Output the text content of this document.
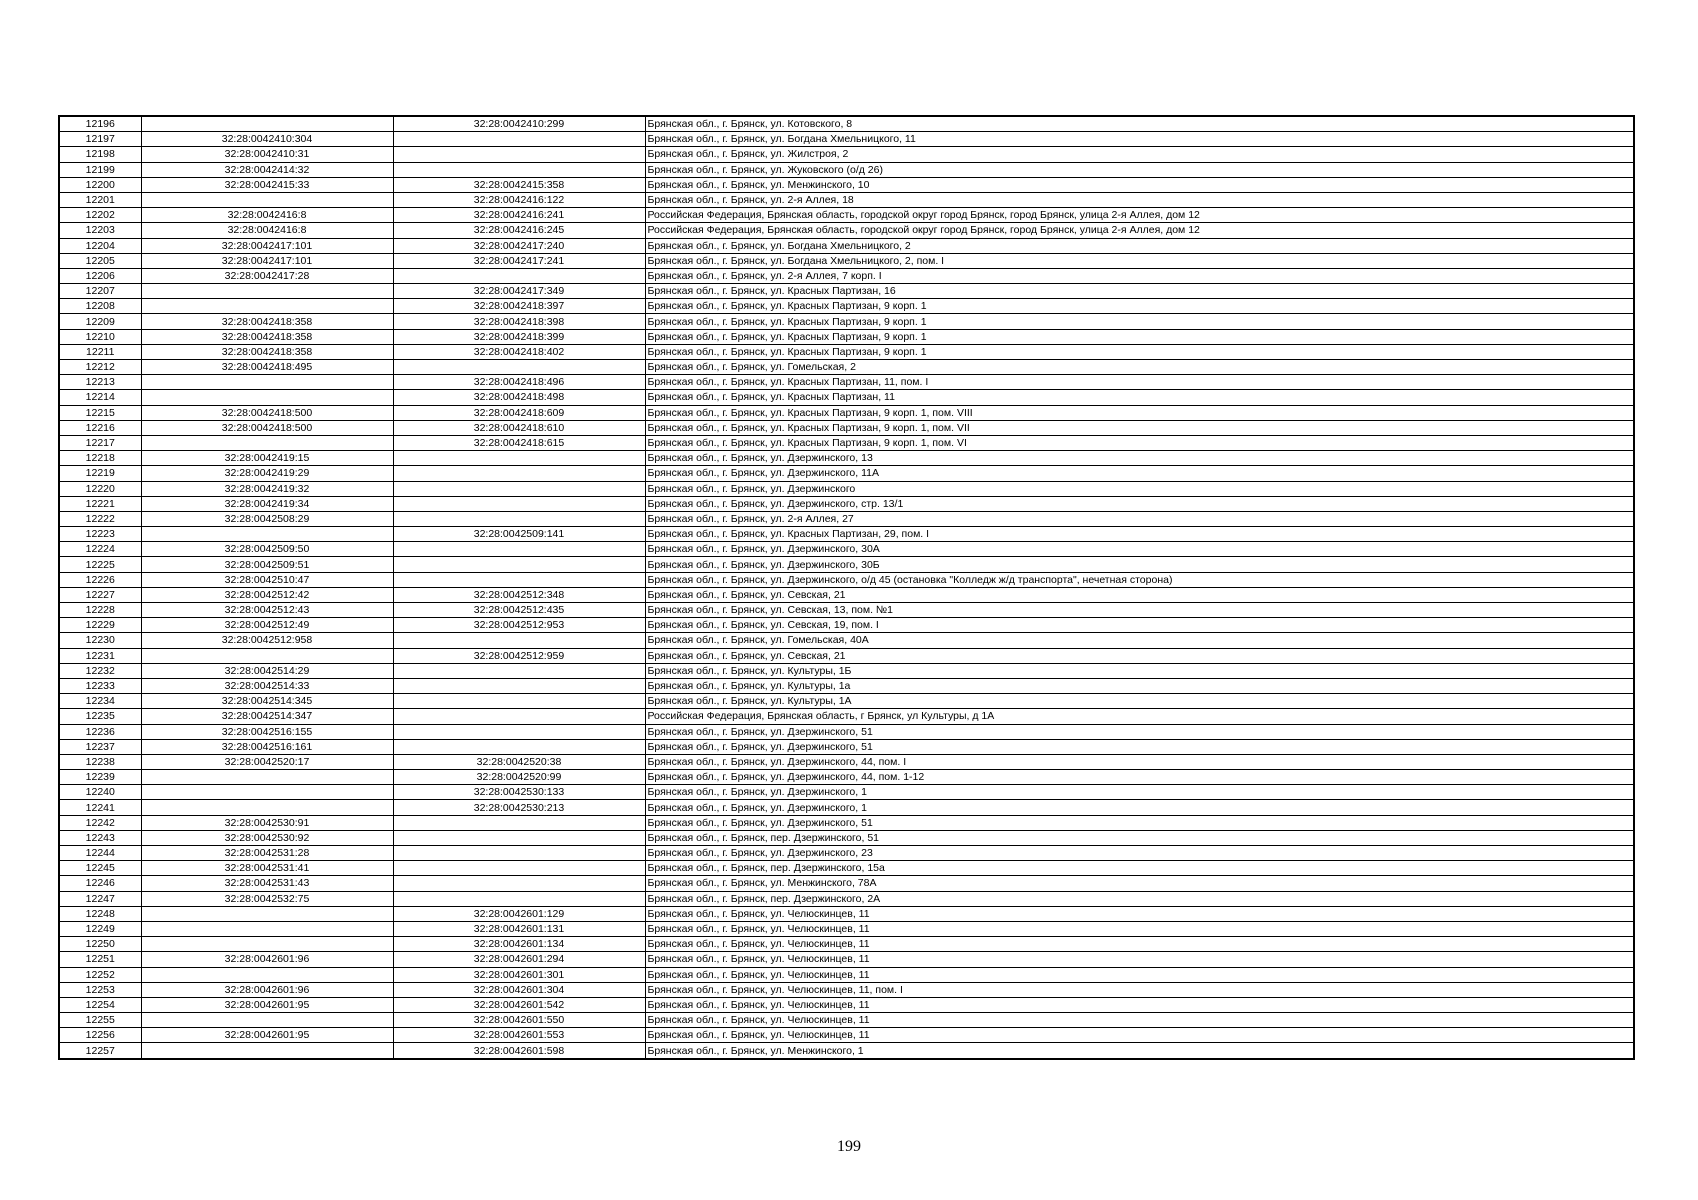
12196		32:28:0042410:299	Брянская обл., г. Брянск, ул. Котовского, 8
12197	32:28:0042410:304		Брянская обл., г. Брянск, ул. Богдана Хмельницкого, 11
12198	32:28:0042410:31		Брянская обл., г. Брянск, ул. Жилстроя, 2
12199	32:28:0042414:32		Брянская обл., г. Брянск, ул. Жуковского (о/д 26)
12200	32:28:0042415:33	32:28:0042415:358	Брянская обл., г. Брянск, ул. Менжинского, 10
12201		32:28:0042416:122	Брянская обл., г. Брянск, ул. 2-я Аллея, 18
12202	32:28:0042416:8	32:28:0042416:241	Российская Федерация, Брянская область, городской округ город Брянск, город Брянск, улица 2-я Аллея, дом 12
12203	32:28:0042416:8	32:28:0042416:245	Российская Федерация, Брянская область, городской округ город Брянск, город Брянск, улица 2-я Аллея, дом 12
12204	32:28:0042417:101	32:28:0042417:240	Брянская обл., г. Брянск, ул. Богдана Хмельницкого, 2
12205	32:28:0042417:101	32:28:0042417:241	Брянская обл., г. Брянск, ул. Богдана Хмельницкого, 2, пом. I
12206	32:28:0042417:28		Брянская обл., г. Брянск, ул. 2-я Аллея, 7 корп. I
12207		32:28:0042417:349	Брянская обл., г. Брянск, ул. Красных Партизан, 16
12208		32:28:0042418:397	Брянская обл., г. Брянск, ул. Красных Партизан, 9 корп. 1
12209	32:28:0042418:358	32:28:0042418:398	Брянская обл., г. Брянск, ул. Красных Партизан, 9 корп. 1
12210	32:28:0042418:358	32:28:0042418:399	Брянская обл., г. Брянск, ул. Красных Партизан, 9 корп. 1
12211	32:28:0042418:358	32:28:0042418:402	Брянская обл., г. Брянск, ул. Красных Партизан, 9 корп. 1
12212	32:28:0042418:495		Брянская обл., г. Брянск, ул. Гомельская, 2
12213		32:28:0042418:496	Брянская обл., г. Брянск, ул. Красных Партизан, 11, пом. I
12214		32:28:0042418:498	Брянская обл., г. Брянск, ул. Красных Партизан, 11
12215	32:28:0042418:500	32:28:0042418:609	Брянская обл., г. Брянск, ул. Красных Партизан, 9 корп. 1, пом. VIII
12216	32:28:0042418:500	32:28:0042418:610	Брянская обл., г. Брянск, ул. Красных Партизан, 9 корп. 1, пом. VII
12217		32:28:0042418:615	Брянская обл., г. Брянск, ул. Красных Партизан, 9 корп. 1, пом. VI
12218	32:28:0042419:15		Брянская обл., г. Брянск, ул. Дзержинского, 13
12219	32:28:0042419:29		Брянская обл., г. Брянск, ул. Дзержинского, 11А
12220	32:28:0042419:32		Брянская обл., г. Брянск, ул. Дзержинского
12221	32:28:0042419:34		Брянская обл., г. Брянск, ул. Дзержинского, стр. 13/1
12222	32:28:0042508:29		Брянская обл., г. Брянск, ул. 2-я Аллея, 27
12223		32:28:0042509:141	Брянская обл., г. Брянск, ул. Красных Партизан, 29, пом. I
12224	32:28:0042509:50		Брянская обл., г. Брянск, ул. Дзержинского, 30А
12225	32:28:0042509:51		Брянская обл., г. Брянск, ул. Дзержинского, 30Б
12226	32:28:0042510:47		Брянская обл., г. Брянск, ул. Дзержинского, о/д 45 (остановка "Колледж ж/д транспорта", нечетная сторона)
12227	32:28:0042512:42	32:28:0042512:348	Брянская обл., г. Брянск, ул. Севская, 21
12228	32:28:0042512:43	32:28:0042512:435	Брянская обл., г. Брянск, ул. Севская, 13, пом. №1
12229	32:28:0042512:49	32:28:0042512:953	Брянская обл., г. Брянск, ул. Севская, 19, пом. I
12230	32:28:0042512:958		Брянская обл., г. Брянск, ул. Гомельская, 40А
12231		32:28:0042512:959	Брянская обл., г. Брянск, ул. Севская, 21
12232	32:28:0042514:29		Брянская обл., г. Брянск, ул. Культуры, 1Б
12233	32:28:0042514:33		Брянская обл., г. Брянск, ул. Культуры, 1а
12234	32:28:0042514:345		Брянская обл., г. Брянск, ул. Культуры, 1А
12235	32:28:0042514:347		Российская Федерация, Брянская область, г Брянск, ул Культуры, д 1А
12236	32:28:0042516:155		Брянская обл., г. Брянск, ул. Дзержинского, 51
12237	32:28:0042516:161		Брянская обл., г. Брянск, ул. Дзержинского, 51
12238	32:28:0042520:17	32:28:0042520:38	Брянская обл., г. Брянск, ул. Дзержинского, 44, пом. I
12239		32:28:0042520:99	Брянская обл., г. Брянск, ул. Дзержинского, 44, пом. 1-12
12240		32:28:0042530:133	Брянская обл., г. Брянск, ул. Дзержинского, 1
12241		32:28:0042530:213	Брянская обл., г. Брянск, ул. Дзержинского, 1
12242	32:28:0042530:91		Брянская обл., г. Брянск, ул. Дзержинского, 51
12243	32:28:0042530:92		Брянская обл., г. Брянск, пер. Дзержинского, 51
12244	32:28:0042531:28		Брянская обл., г. Брянск, ул. Дзержинского, 23
12245	32:28:0042531:41		Брянская обл., г. Брянск, пер. Дзержинского, 15а
12246	32:28:0042531:43		Брянская обл., г. Брянск, ул. Менжинского, 78А
12247	32:28:0042532:75		Брянская обл., г. Брянск, пер. Дзержинского, 2А
12248		32:28:0042601:129	Брянская обл., г. Брянск, ул. Челюскинцев, 11
12249		32:28:0042601:131	Брянская обл., г. Брянск, ул. Челюскинцев, 11
12250		32:28:0042601:134	Брянская обл., г. Брянск, ул. Челюскинцев, 11
12251	32:28:0042601:96	32:28:0042601:294	Брянская обл., г. Брянск, ул. Челюскинцев, 11
12252		32:28:0042601:301	Брянская обл., г. Брянск, ул. Челюскинцев, 11
12253	32:28:0042601:96	32:28:0042601:304	Брянская обл., г. Брянск, ул. Челюскинцев, 11, пом. I
12254	32:28:0042601:95	32:28:0042601:542	Брянская обл., г. Брянск, ул. Челюскинцев, 11
12255		32:28:0042601:550	Брянская обл., г. Брянск, ул. Челюскинцев, 11
12256	32:28:0042601:95	32:28:0042601:553	Брянская обл., г. Брянск, ул. Челюскинцев, 11
12257		32:28:0042601:598	Брянская обл., г. Брянск, ул. Менжинского, 1
199
